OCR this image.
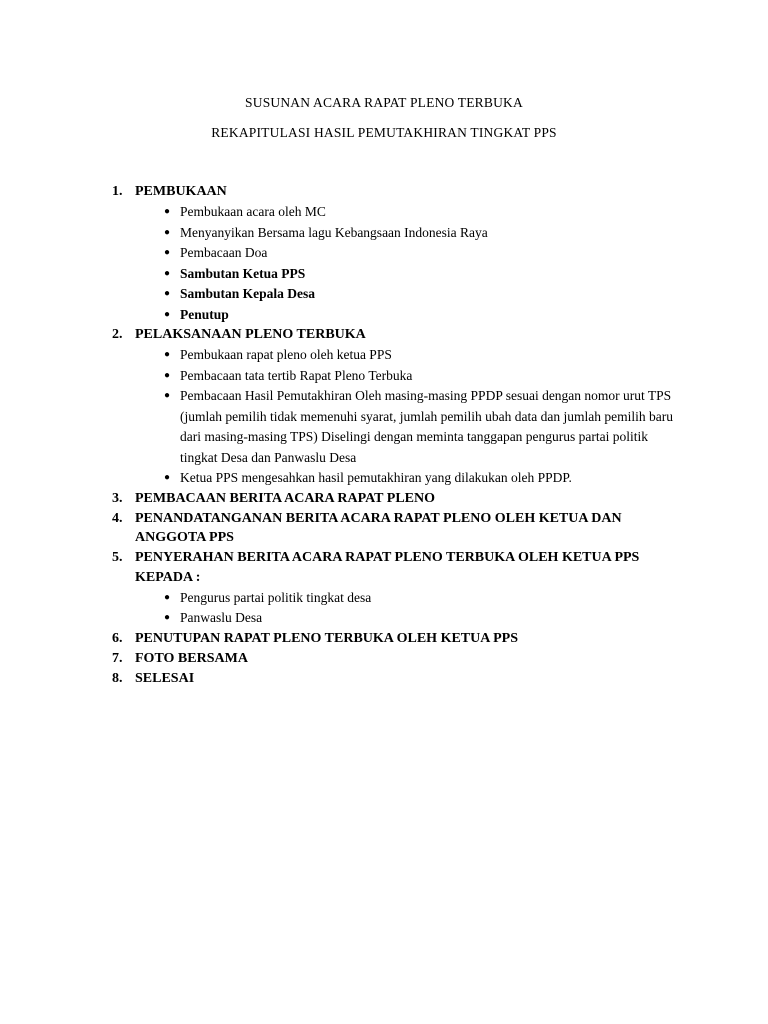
SUSUNAN ACARA RAPAT PLENO TERBUKA
REKAPITULASI HASIL PEMUTAKHIRAN TINGKAT PPS
1. PEMBUKAAN
● Pembukaan acara oleh MC
● Menyanyikan Bersama lagu Kebangsaan Indonesia Raya
● Pembacaan Doa
● Sambutan Ketua PPS
● Sambutan Kepala Desa
● Penutup
2. PELAKSANAAN PLENO TERBUKA
● Pembukaan rapat pleno oleh ketua PPS
● Pembacaan tata tertib Rapat Pleno Terbuka
● Pembacaan Hasil Pemutakhiran Oleh masing-masing PPDP sesuai dengan nomor urut TPS (jumlah pemilih tidak memenuhi syarat, jumlah pemilih ubah data dan jumlah pemilih baru dari masing-masing TPS) Diselingi dengan meminta tanggapan pengurus partai politik tingkat Desa dan Panwaslu Desa
● Ketua PPS mengesahkan hasil pemutakhiran yang dilakukan oleh PPDP.
3. PEMBACAAN BERITA ACARA RAPAT PLENO
4. PENANDATANGANAN BERITA ACARA RAPAT PLENO OLEH KETUA DAN ANGGOTA PPS
5. PENYERAHAN BERITA ACARA RAPAT PLENO TERBUKA OLEH KETUA PPS KEPADA :
● Pengurus partai politik tingkat desa
● Panwaslu Desa
6. PENUTUPAN RAPAT PLENO TERBUKA OLEH KETUA PPS
7. FOTO BERSAMA
8. SELESAI
